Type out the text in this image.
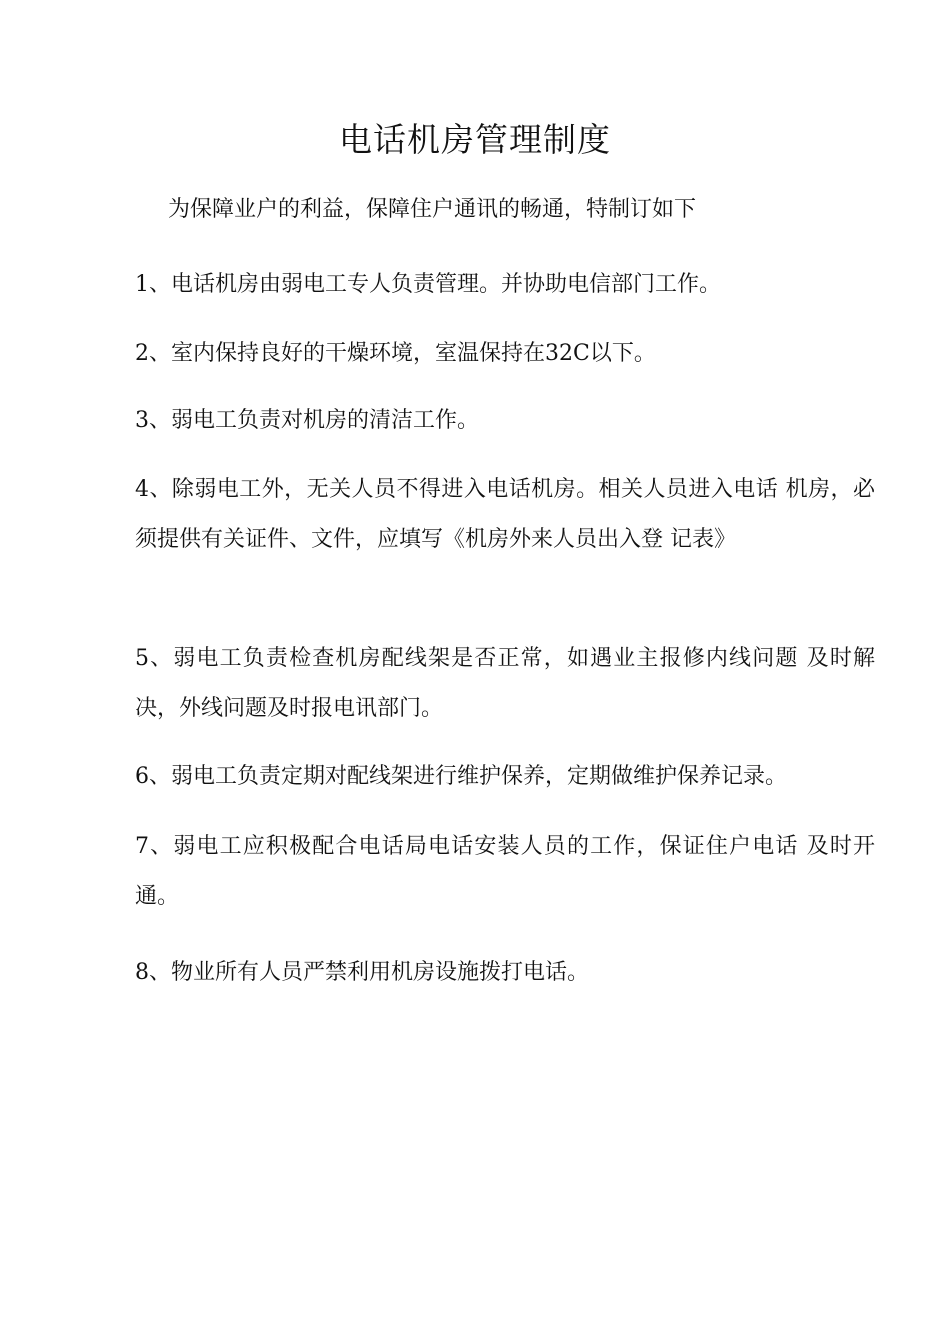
电话机房管理制度
为保障业户的利益，保障住户通讯的畅通，特制订如下
1、电话机房由弱电工专人负责管理。并协助电信部门工作。
2、室内保持良好的干燥环境，室温保持在32C以下。
3、弱电工负责对机房的清洁工作。
4、除弱电工外，无关人员不得进入电话机房。相关人员进入电话 机房，必须提供有关证件、文件，应填写《机房外来人员出入登 记表》
5、弱电工负责检查机房配线架是否正常，如遇业主报修内线问题 及时解决，外线问题及时报电讯部门。
6、弱电工负责定期对配线架进行维护保养，定期做维护保养记录。
7、弱电工应积极配合电话局电话安装人员的工作，保证住户电话 及时开通。
8、物业所有人员严禁利用机房设施拨打电话。
